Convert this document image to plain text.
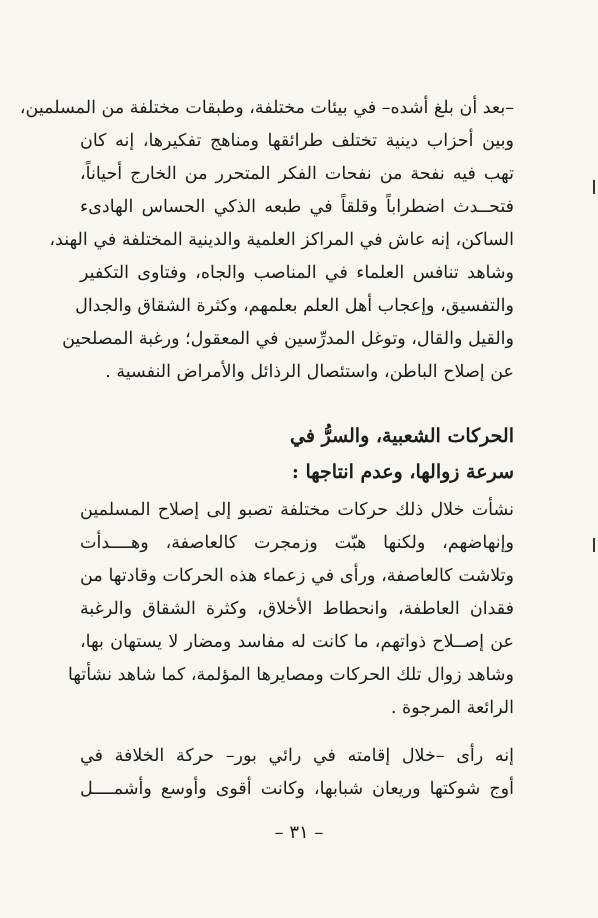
–بعد أن بلغ أشده– في بيئات مختلفة، وطبقات مختلفة من المسلمين،
وبين أحزاب دينية تختلف طرائقها ومناهج تفكيرها، إنه كان
تهب فيه نفحة من نفحات الفكر المتحرر من الخارج أحياناً،
فتحــدث اضطراباً وقلقاً في طبعه الذكي الحساس الهادىء
الساكن، إنه عاش في المراكز العلمية والدينية المختلفة في الهند،
وشاهد تنافس العلماء في المناصب والجاه، وفتاوى التكفير
والتفسيق، وإعجاب أهل العلم بعلمهم، وكثرة الشقاق والجدال
والقيل والقال، وتوغل المدرِّسين في المعقول؛ ورغبة المصلحين
عن إصلاح الباطن، واستئصال الرذائل والأمراض النفسية .
الحركات الشعبية، والسرُّ في
سرعة زوالها، وعدم انتاجها :
نشأت خلال ذلك حركات مختلفة تصبو إلى إصلاح المسلمين
وإنهاضهم، ولكنها هبّت وزمجرت كالعاصفة، وهــــدأت
وتلاشت كالعاصفة، ورأى في زعماء هذه الحركات وقادتها من
فقدان العاطفة، وانحطاط الأخلاق، وكثرة الشقاق والرغبة
عن إصــلاح ذواتهم، ما كانت له مفاسد ومضار لا يستهان بها،
وشاهد زوال تلك الحركات ومصايرها المؤلمة، كما شاهد نشأتها
الرائعة المرجوة .
إنه رأى –خلال إقامته في رائي بور– حركة الخلافة في
أوج شوكتها وريعان شبابها، وكانت أقوى وأوسع وأشمــــل
– ٣١ –
